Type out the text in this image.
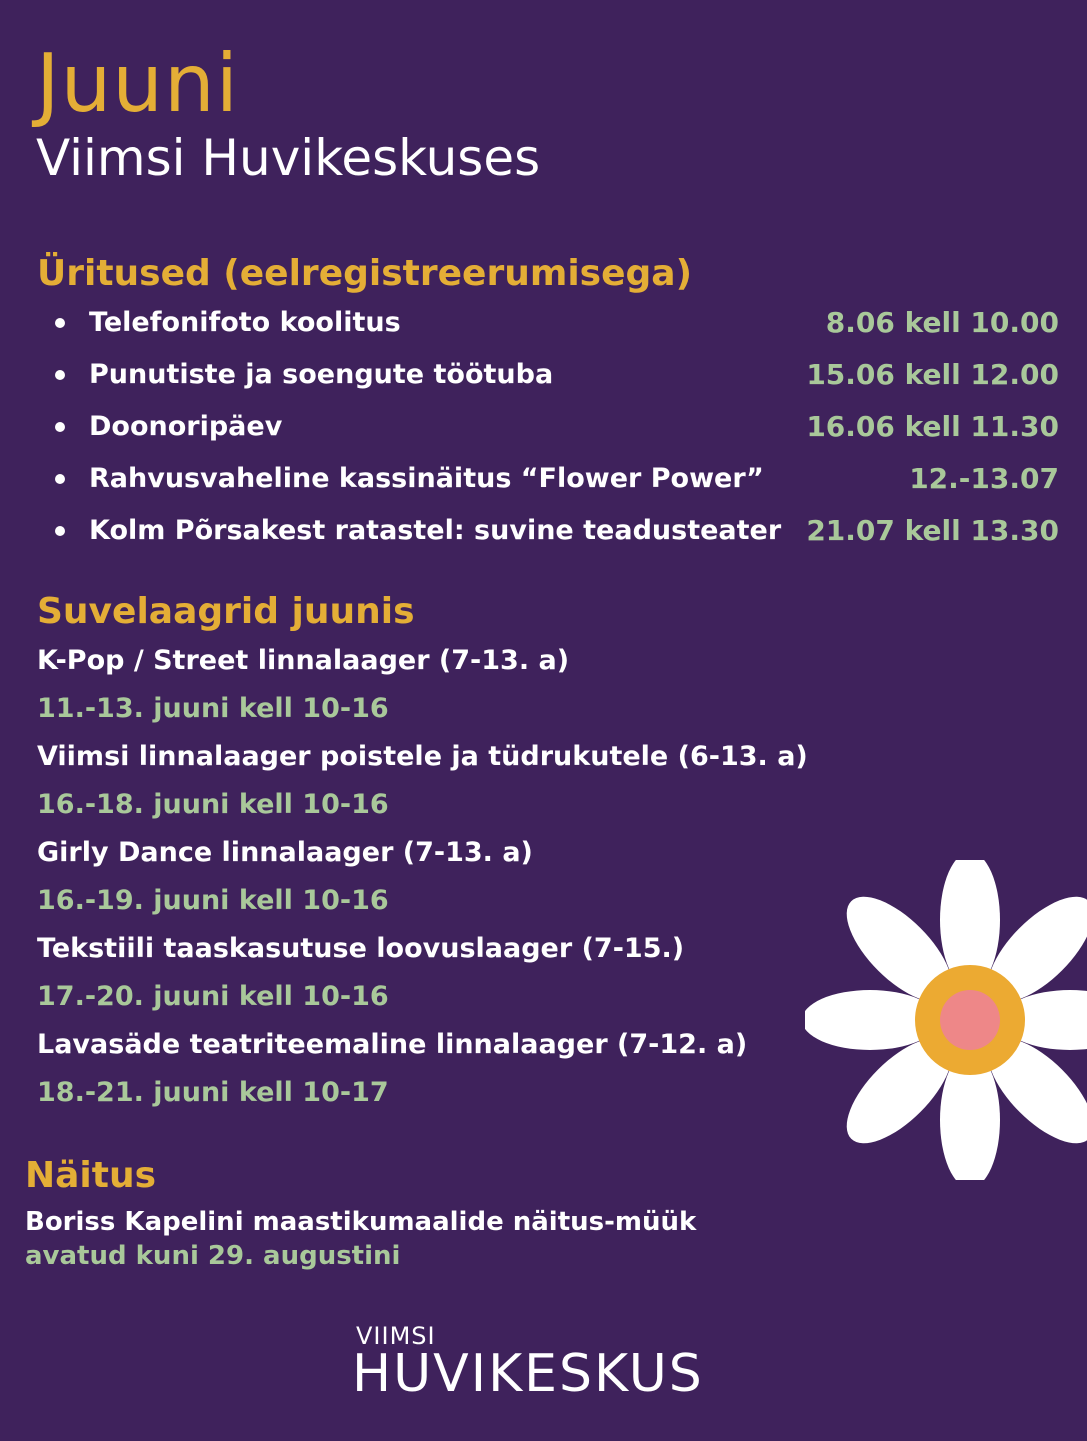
Juuni
Viimsi Huvikeskuses
Üritused (eelregistreerumisega)
Telefonifoto koolitus	8.06 kell 10.00
Punutiste ja soengute töötuba	15.06 kell 12.00
Doonoripäev	16.06 kell 11.30
Rahvusvaheline kassinäitus “Flower Power”	12.-13.07
Kolm Põrsakest ratastel: suvine teadusteater 21.07 kell 13.30
Suvelaagrid juunis
K-Pop / Street linnalaager (7-13. a)
11.-13. juuni kell 10-16
Viimsi linnalaager poistele ja tüdrukutele (6-13. a)
16.-18. juuni kell 10-16
Girly Dance linnalaager (7-13. a)
16.-19. juuni kell 10-16
Tekstiili taaskasutuse loovuslaager (7-15.)
17.-20. juuni kell 10-16
Lavasäde teatriteemaline linnalaager (7-12. a)
18.-21. juuni kell 10-17
Näitus
Boriss Kapelini maastikumaalide näitus-müük
avatud kuni 29. augustini
VIIMSI
HUVIKESKUS
